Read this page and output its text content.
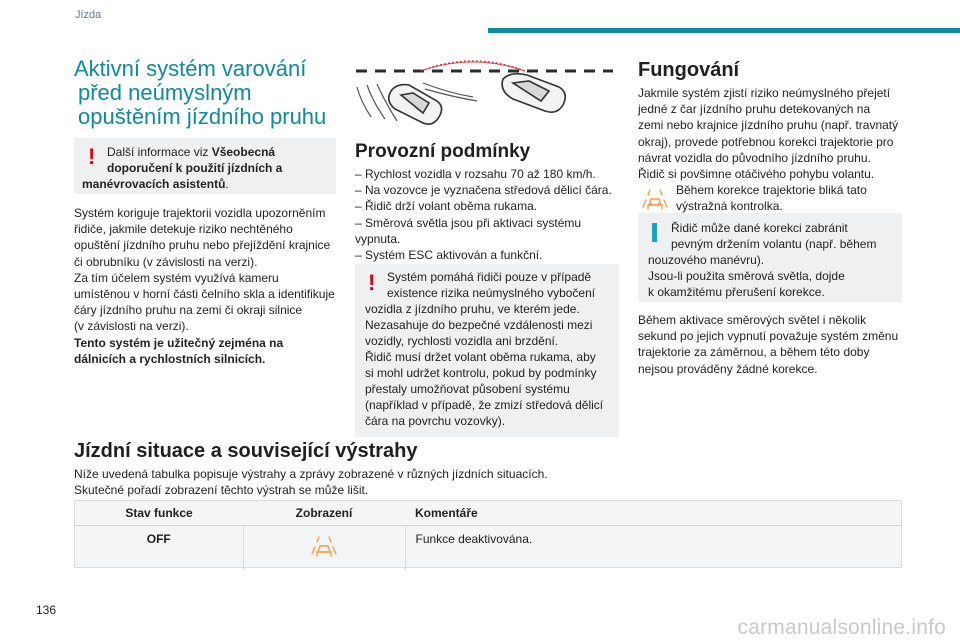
Jízda
Aktivní systém varování
před neúmyslným
opuštěním jízdního pruhu
! Další informace viz Všeobecná
doporučení k použití jízdních a
manévrovacích asistentů.
Systém koriguje trajektorii vozidla upozorněním
řidiče, jakmile detekuje riziko nechtěného
opuštění jízdního pruhu nebo přejíždění krajnice
či obrubníku (v závislosti na verzi).
Za tím účelem systém využívá kameru
umístěnou v horní části čelního skla a identifikuje
čáry jízdního pruhu na zemi či okraji silnice
(v závislosti na verzi).
Tento systém je užitečný zejména na
dálnicích a rychlostních silnicích.
Provozní podmínky
– Rychlost vozidla v rozsahu 70 až 180 km/h.
– Na vozovce je vyznačena středová dělicí čára.
– Řidič drží volant oběma rukama.
– Směrová světla jsou při aktivaci systému
vypnuta.
– Systém ESC aktivován a funkční.
! Systém pomáhá řidiči pouze v případě
existence rizika neúmyslného vybočení
vozidla z jízdního pruhu, ve kterém jede.
Nezasahuje do bezpečné vzdálenosti mezi
vozidly, rychlosti vozidla ani brzdění.
Řidič musí držet volant oběma rukama, aby
si mohl udržet kontrolu, pokud by podmínky
přestaly umožňovat působení systému
(například v případě, že zmizí středová dělicí
čára na povrchu vozovky).
Fungování
Jakmile systém zjistí riziko neúmyslného přejetí
jedné z čar jízdního pruhu detekovaných na
zemi nebo krajnice jízdního pruhu (např. travnatý
okraj), provede potřebnou korekci trajektorie pro
návrat vozidla do původního jízdního pruhu.
Řidič si povšimne otáčivého pohybu volantu.
Během korekce trajektorie bliká tato
výstražná kontrolka.
Řidič může dané korekci zabránit
pevným držením volantu (např. během
nouzového manévru).
Jsou-li použita směrová světla, dojde
k okamžitému přerušení korekce.
Během aktivace směrových světel i několik
sekund po jejich vypnutí považuje systém změnu
trajektorie za záměrnou, a během této doby
nejsou prováděny žádné korekce.
Jízdní situace a související výstrahy
Níže uvedená tabulka popisuje výstrahy a zprávy zobrazené v různých jízdních situacích.
Skutečné pořadí zobrazení těchto výstrah se může lišit.
Stav funkce	Zobrazení	Komentáře
OFF		Funkce deaktivována.
136
carmanualsonline.info
